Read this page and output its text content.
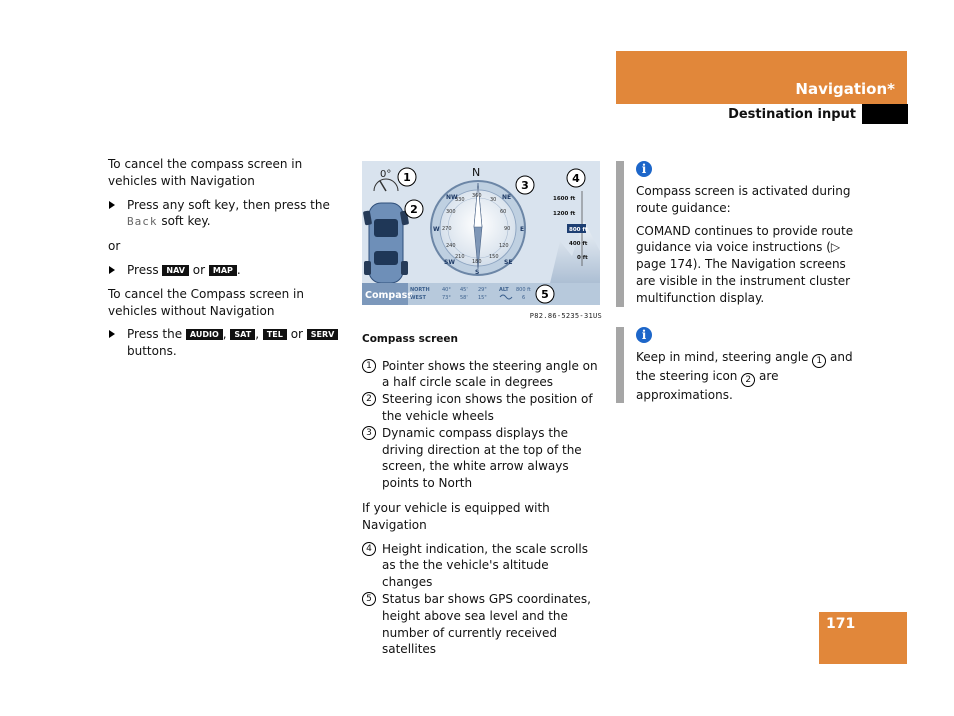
Navigation*
Destination input
To cancel the compass screen in vehicles with Navigation
Press any soft key, then press the Back soft key.
or
Press NAV or MAP .
To cancel the Compass screen in vehicles without Navigation
Press the AUDIO , SAT , TEL or SERV buttons.
0°	N
NW	NE
W	E
SW	SE
S
360
30
60
90
120
150
180
210
240
270
300
330	1600 ft
1200 ft
800 ft
400 ft
0 ft
Compass
NORTH 40° 45' 29" ALT 800 ft
WEST	73° 58' 15"	6
1
2
3
4
5
P82.86-5235-31US
Compass screen
1 Pointer shows the steering angle on a half circle scale in degrees
2 Steering icon shows the position of the vehicle wheels
3 Dynamic compass displays the driving direction at the top of the screen, the white arrow always points to North
If your vehicle is equipped with Navigation
4 Height indication, the scale scrolls as the the vehicle's altitude changes
5 Status bar shows GPS coordinates, height above sea level and the number of currently received satellites
i
Compass screen is activated during route guidance:
COMAND continues to provide route guidance via voice instructions (▷ page 174). The Navigation screens are visible in the instrument cluster multifunction display.
i
Keep in mind, steering angle 1 and the steering icon 2 are approximations.
171
